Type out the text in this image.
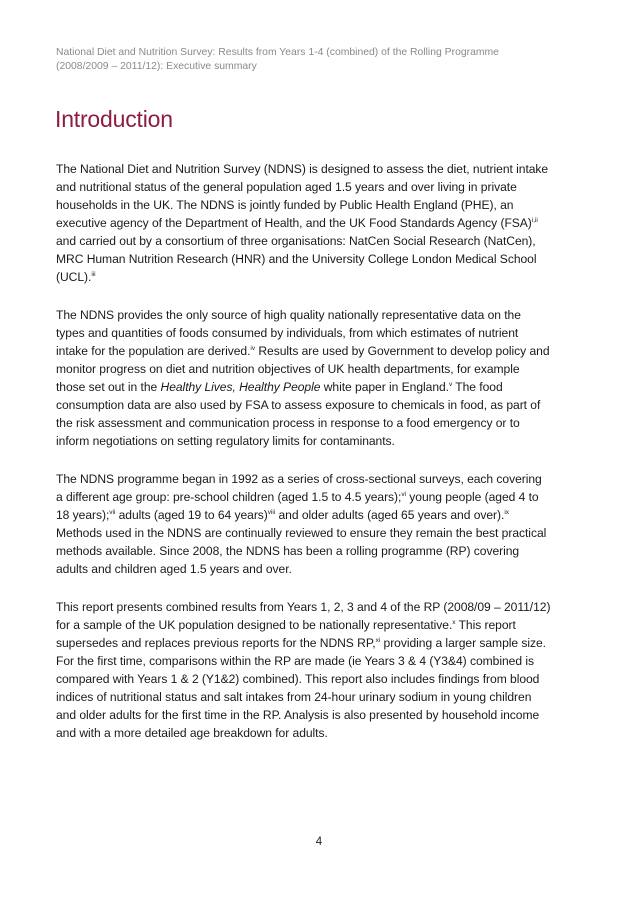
National Diet and Nutrition Survey: Results from Years 1-4 (combined) of the Rolling Programme
(2008/2009 – 2011/12): Executive summary
Introduction

The National Diet and Nutrition Survey (NDNS) is designed to assess the diet, nutrient intake and nutritional status of the general population aged 1.5 years and over living in private households in the UK. The NDNS is jointly funded by Public Health England (PHE), an executive agency of the Department of Health, and the UK Food Standards Agency (FSA)$^{i,ii}$ and carried out by a consortium of three organisations: NatCen Social Research (NatCen), MRC Human Nutrition Research (HNR) and the University College London Medical School (UCL).$^{iii}$

The NDNS provides the only source of high quality nationally representative data on the types and quantities of foods consumed by individuals, from which estimates of nutrient intake for the population are derived.$^{iv}$ Results are used by Government to develop policy and monitor progress on diet and nutrition objectives of UK health departments, for example those set out in the Healthy Lives, Healthy People white paper in England.$^v$ The food consumption data are also used by FSA to assess exposure to chemicals in food, as part of the risk assessment and communication process in response to a food emergency or to inform negotiations on setting regulatory limits for contaminants.

The NDNS programme began in 1992 as a series of cross-sectional surveys, each covering a different age group: pre-school children (aged 1.5 to 4.5 years);$^{vi}$ young people (aged 4 to 18 years);$^{vii}$ adults (aged 19 to 64 years)$^{viii}$ and older adults (aged 65 years and over).$^{ix}$ Methods used in the NDNS are continually reviewed to ensure they remain the best practical methods available. Since 2008, the NDNS has been a rolling programme (RP) covering adults and children aged 1.5 years and over.

This report presents combined results from Years 1, 2, 3 and 4 of the RP (2008/09 – 2011/12) for a sample of the UK population designed to be nationally representative.$^x$ This report supersedes and replaces previous reports for the NDNS RP,$^{xi}$ providing a larger sample size. For the first time, comparisons within the RP are made (ie Years 3 & 4 (Y3&4) combined is compared with Years 1 & 2 (Y1&2) combined). This report also includes findings from blood indices of nutritional status and salt intakes from 24-hour urinary sodium in young children and older adults for the first time in the RP. Analysis is also presented by household income and with a more detailed age breakdown for adults.

4
